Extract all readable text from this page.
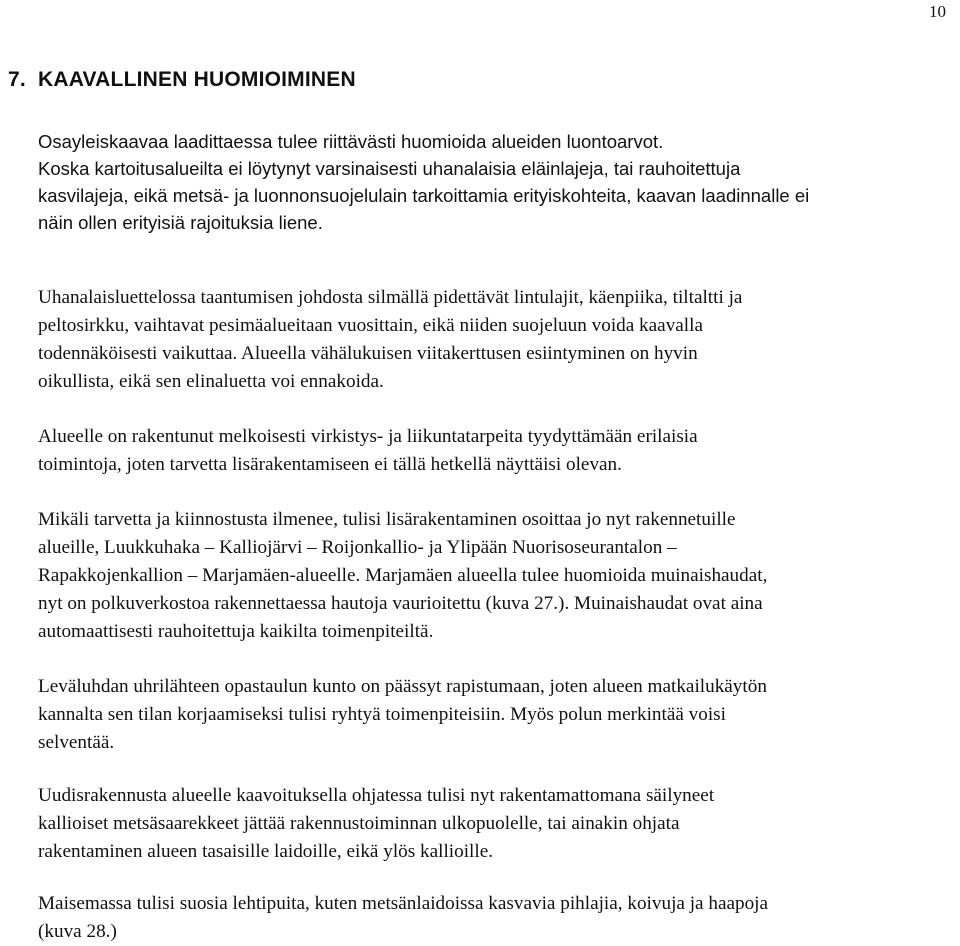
10
7. KAAVALLINEN HUOMIOIMINEN

Osayleiskaavaa laadittaessa tulee riittävästi huomioida alueiden luontoarvot.
Koska kartoitusalueilta ei löytynyt varsinaisesti uhanalaisia eläinlajeja, tai rauhoitettuja
kasvilajeja, eikä metsä- ja luonnonsuojelulain tarkoittamia erityiskohteita, kaavan laadinnalle ei
näin ollen erityisiä rajoituksia liene.

Uhanalaisluettelossa taantumisen johdosta silmällä pidettävät lintulajit, käenpiika, tiltaltti ja
peltosirkku, vaihtavat pesimäalueitaan vuosittain, eikä niiden suojeluun voida kaavalla
todennäköisesti vaikuttaa. Alueella vähälukuisen viitakerttusen esiintyminen on hyvin
oikullista, eikä sen elinaluetta voi ennakoida.

Alueelle on rakentunut melkoisesti virkistys- ja liikuntatarpeita tyydyttämään erilaisia
toimintoja, joten tarvetta lisärakentamiseen ei tällä hetkellä näyttäisi olevan.

Mikäli tarvetta ja kiinnostusta ilmenee, tulisi lisärakentaminen osoittaa jo nyt rakennetuille
alueille, Luukkuhaka – Kalliojärvi – Roijonkallio- ja Ylipään Nuorisoseurantalon –
Rapakkojenkallion – Marjamäen-alueelle. Marjamäen alueella tulee huomioida muinaishaudat,
nyt on polkuverkostoa rakennettaessa hautoja vaurioitettu (kuva 27.). Muinaishaudat ovat aina
automaattisesti rauhoitettuja kaikilta toimenpiteiltä.

Leväluhdan uhrilähteen opastaulun kunto on päässyt rapistumaan, joten alueen matkailukäytön
kannalta sen tilan korjaamiseksi tulisi ryhtyä toimenpiteisiin. Myös polun merkintää voisi
selventää.

Uudisrakennusta alueelle kaavoituksella ohjatessa tulisi nyt rakentamattomana säilyneet
kallioiset metsäsaarekkeet jättää rakennustoiminnan ulkopuolelle, tai ainakin ohjata
rakentaminen alueen tasaisille laidoille, eikä ylös kallioille.

Maisemassa tulisi suosia lehtipuita, kuten metsänlaidoissa kasvavia pihlajia, koivuja ja haapoja
(kuva 28.)
